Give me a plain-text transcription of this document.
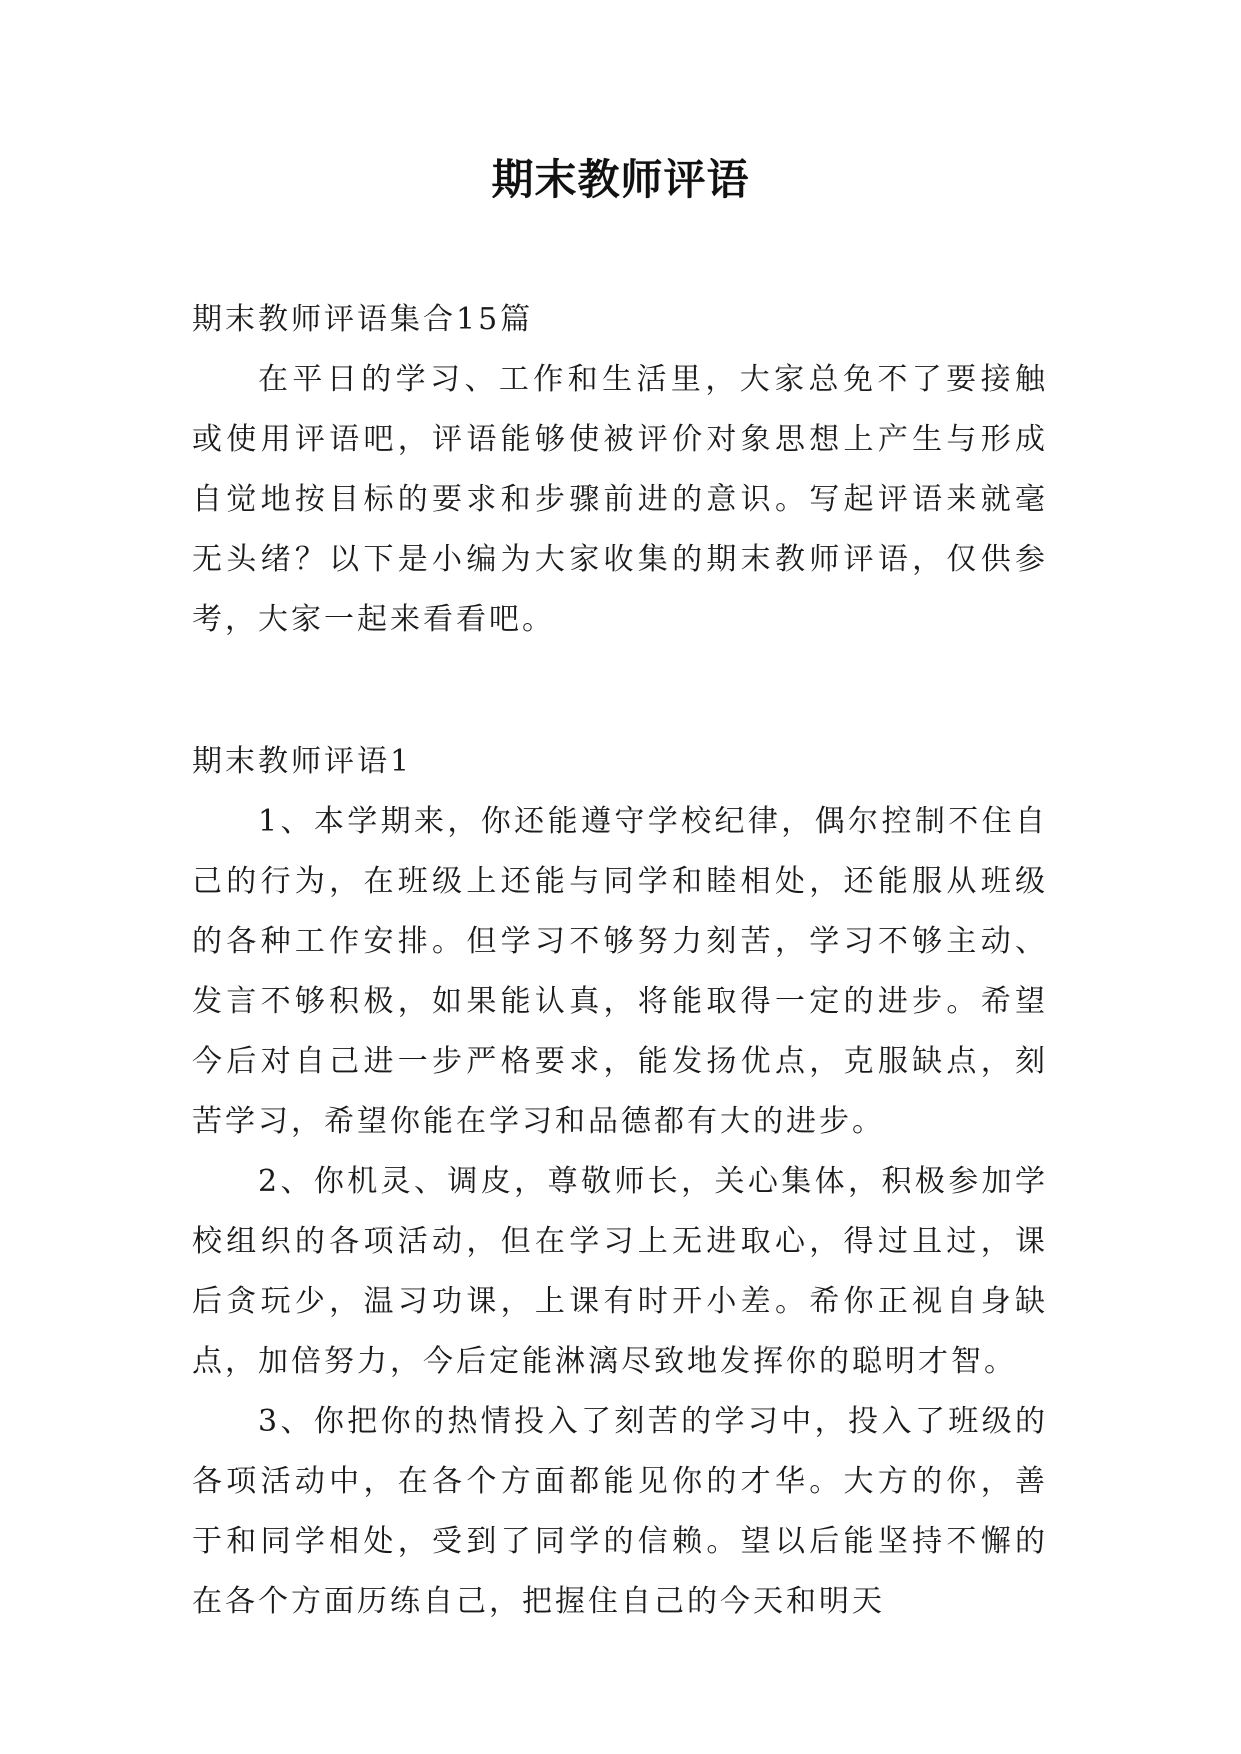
期末教师评语

期末教师评语集合15篇

在平日的学习、工作和生活里，大家总免不了要接触或使用评语吧，评语能够使被评价对象思想上产生与形成自觉地按目标的要求和步骤前进的意识。写起评语来就毫无头绪？以下是小编为大家收集的期末教师评语，仅供参考，大家一起来看看吧。

期末教师评语1

1、本学期来，你还能遵守学校纪律，偶尔控制不住自己的行为，在班级上还能与同学和睦相处，还能服从班级的各种工作安排。但学习不够努力刻苦，学习不够主动、发言不够积极，如果能认真，将能取得一定的进步。希望今后对自己进一步严格要求，能发扬优点，克服缺点，刻苦学习，希望你能在学习和品德都有大的进步。

2、你机灵、调皮，尊敬师长，关心集体，积极参加学校组织的各项活动，但在学习上无进取心，得过且过，课后贪玩少，温习功课，上课有时开小差。希你正视自身缺点，加倍努力，今后定能淋漓尽致地发挥你的聪明才智。

3、你把你的热情投入了刻苦的学习中，投入了班级的各项活动中，在各个方面都能见你的才华。大方的你，善于和同学相处，受到了同学的信赖。望以后能坚持不懈的在各个方面历练自己，把握住自己的今天和明天
